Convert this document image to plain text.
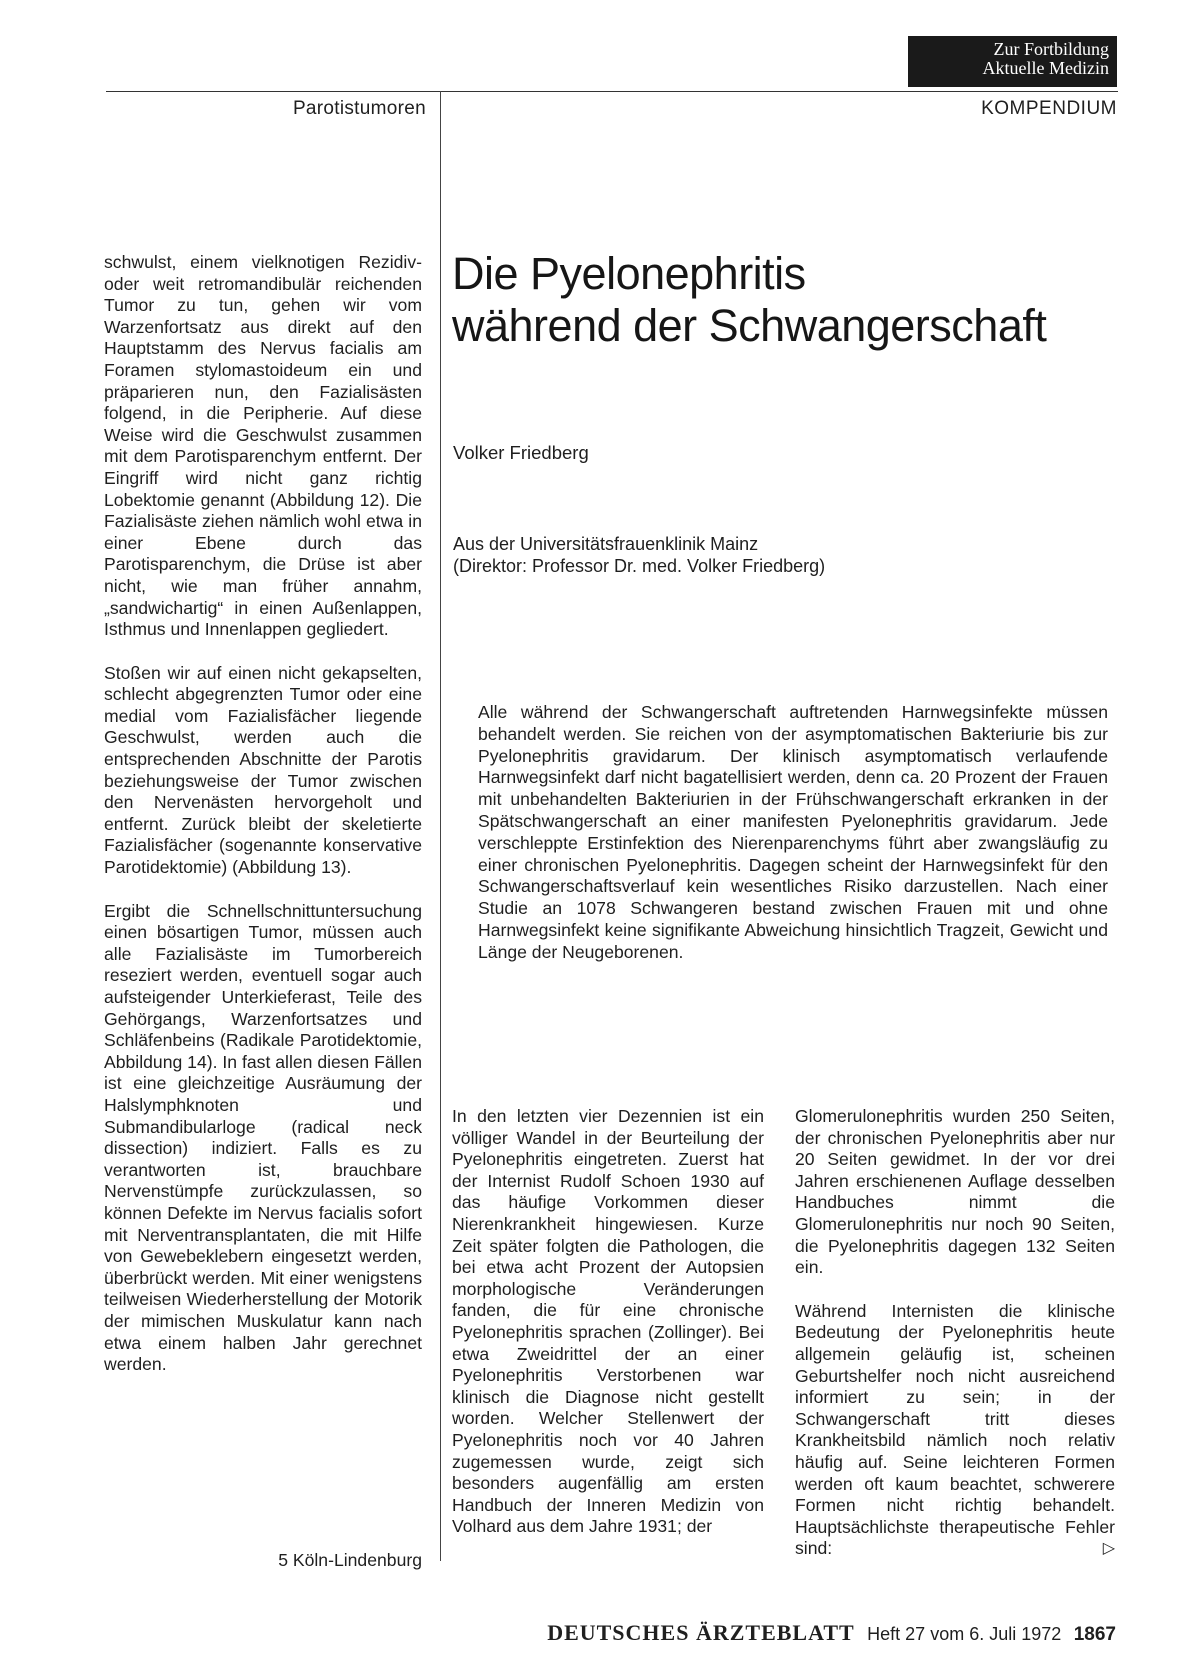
Zur Fortbildung
Aktuelle Medizin
Parotistumoren	KOMPENDIUM

schwulst, einem vielknotigen Rezidiv- oder weit retromandibulär reichenden Tumor zu tun, gehen wir vom Warzenfortsatz aus direkt auf den Hauptstamm des Nervus facialis am Foramen stylomastoideum ein und präparieren nun, den Fazialisästen folgend, in die Peripherie. Auf diese Weise wird die Geschwulst zusammen mit dem Parotisparenchym entfernt. Der Eingriff wird nicht ganz richtig Lobektomie genannt (Abbildung 12). Die Fazialisäste ziehen nämlich wohl etwa in einer Ebene durch das Parotisparenchym, die Drüse ist aber nicht, wie man früher annahm, „sandwichartig“ in einen Außenlappen, Isthmus und Innenlappen gegliedert.

Stoßen wir auf einen nicht gekapselten, schlecht abgegrenzten Tumor oder eine medial vom Fazialisfächer liegende Geschwulst, werden auch die entsprechenden Abschnitte der Parotis beziehungsweise der Tumor zwischen den Nervenästen hervorgeholt und entfernt. Zurück bleibt der skeletierte Fazialisfächer (sogenannte konservative Parotidektomie) (Abbildung 13).

Ergibt die Schnellschnittuntersuchung einen bösartigen Tumor, müssen auch alle Fazialisäste im Tumorbereich reseziert werden, eventuell sogar auch aufsteigender Unterkieferast, Teile des Gehörgangs, Warzenfortsatzes und Schläfenbeins (Radikale Parotidektomie, Abbildung 14). In fast allen diesen Fällen ist eine gleichzeitige Ausräumung der Halslymphknoten und Submandibularloge (radical neck dissection) indiziert. Falls es zu verantworten ist, brauchbare Nervenstümpfe zurückzulassen, so können Defekte im Nervus facialis sofort mit Nerventransplantaten, die mit Hilfe von Gewebeklebern eingesetzt werden, überbrückt werden. Mit einer wenigstens teilweisen Wiederherstellung der Motorik der mimischen Muskulatur kann nach etwa einem halben Jahr gerechnet werden.

5 Köln-Lindenburg
Die Pyelonephritis
während der Schwangerschaft
Volker Friedberg
Aus der Universitätsfrauenklinik Mainz
(Direktor: Professor Dr. med. Volker Friedberg)
Alle während der Schwangerschaft auftretenden Harnwegsinfekte müssen behandelt werden. Sie reichen von der asymptomatischen Bakteriurie bis zur Pyelonephritis gravidarum. Der klinisch asymptomatisch verlaufende Harnwegsinfekt darf nicht bagatellisiert werden, denn ca. 20 Prozent der Frauen mit unbehandelten Bakteriurien in der Frühschwangerschaft erkranken in der Spätschwangerschaft an einer manifesten Pyelonephritis gravidarum. Jede verschleppte Erstinfektion des Nierenparenchyms führt aber zwangsläufig zu einer chronischen Pyelonephritis. Dagegen scheint der Harnwegsinfekt für den Schwangerschaftsverlauf kein wesentliches Risiko darzustellen. Nach einer Studie an 1078 Schwangeren bestand zwischen Frauen mit und ohne Harnwegsinfekt keine signifikante Abweichung hinsichtlich Tragzeit, Gewicht und Länge der Neugeborenen.

In den letzten vier Dezennien ist ein völliger Wandel in der Beurteilung der Pyelonephritis eingetreten. Zuerst hat der Internist Rudolf Schoen 1930 auf das häufige Vorkommen dieser Nierenkrankheit hingewiesen. Kurze Zeit später folgten die Pathologen, die bei etwa acht Prozent der Autopsien morphologische Veränderungen fanden, die für eine chronische Pyelonephritis sprachen (Zollinger). Bei etwa Zweidrittel der an einer Pyelonephritis Verstorbenen war klinisch die Diagnose nicht gestellt worden. Welcher Stellenwert der Pyelonephritis noch vor 40 Jahren zugemessen wurde, zeigt sich besonders augenfällig am ersten Handbuch der Inneren Medizin von Volhard aus dem Jahre 1931; der

Glomerulonephritis wurden 250 Seiten, der chronischen Pyelonephritis aber nur 20 Seiten gewidmet. In der vor drei Jahren erschienenen Auflage desselben Handbuches nimmt die Glomerulonephritis nur noch 90 Seiten, die Pyelonephritis dagegen 132 Seiten ein.

Während Internisten die klinische Bedeutung der Pyelonephritis heute allgemein geläufig ist, scheinen Geburtshelfer noch nicht ausreichend informiert zu sein; in der Schwangerschaft tritt dieses Krankheitsbild nämlich noch relativ häufig auf. Seine leichteren Formen werden oft kaum beachtet, schwerere Formen nicht richtig behandelt. Hauptsächlichste therapeutische Fehler sind:	▷

DEUTSCHES ÄRZTEBLATT Heft 27 vom 6. Juli 1972 1867
